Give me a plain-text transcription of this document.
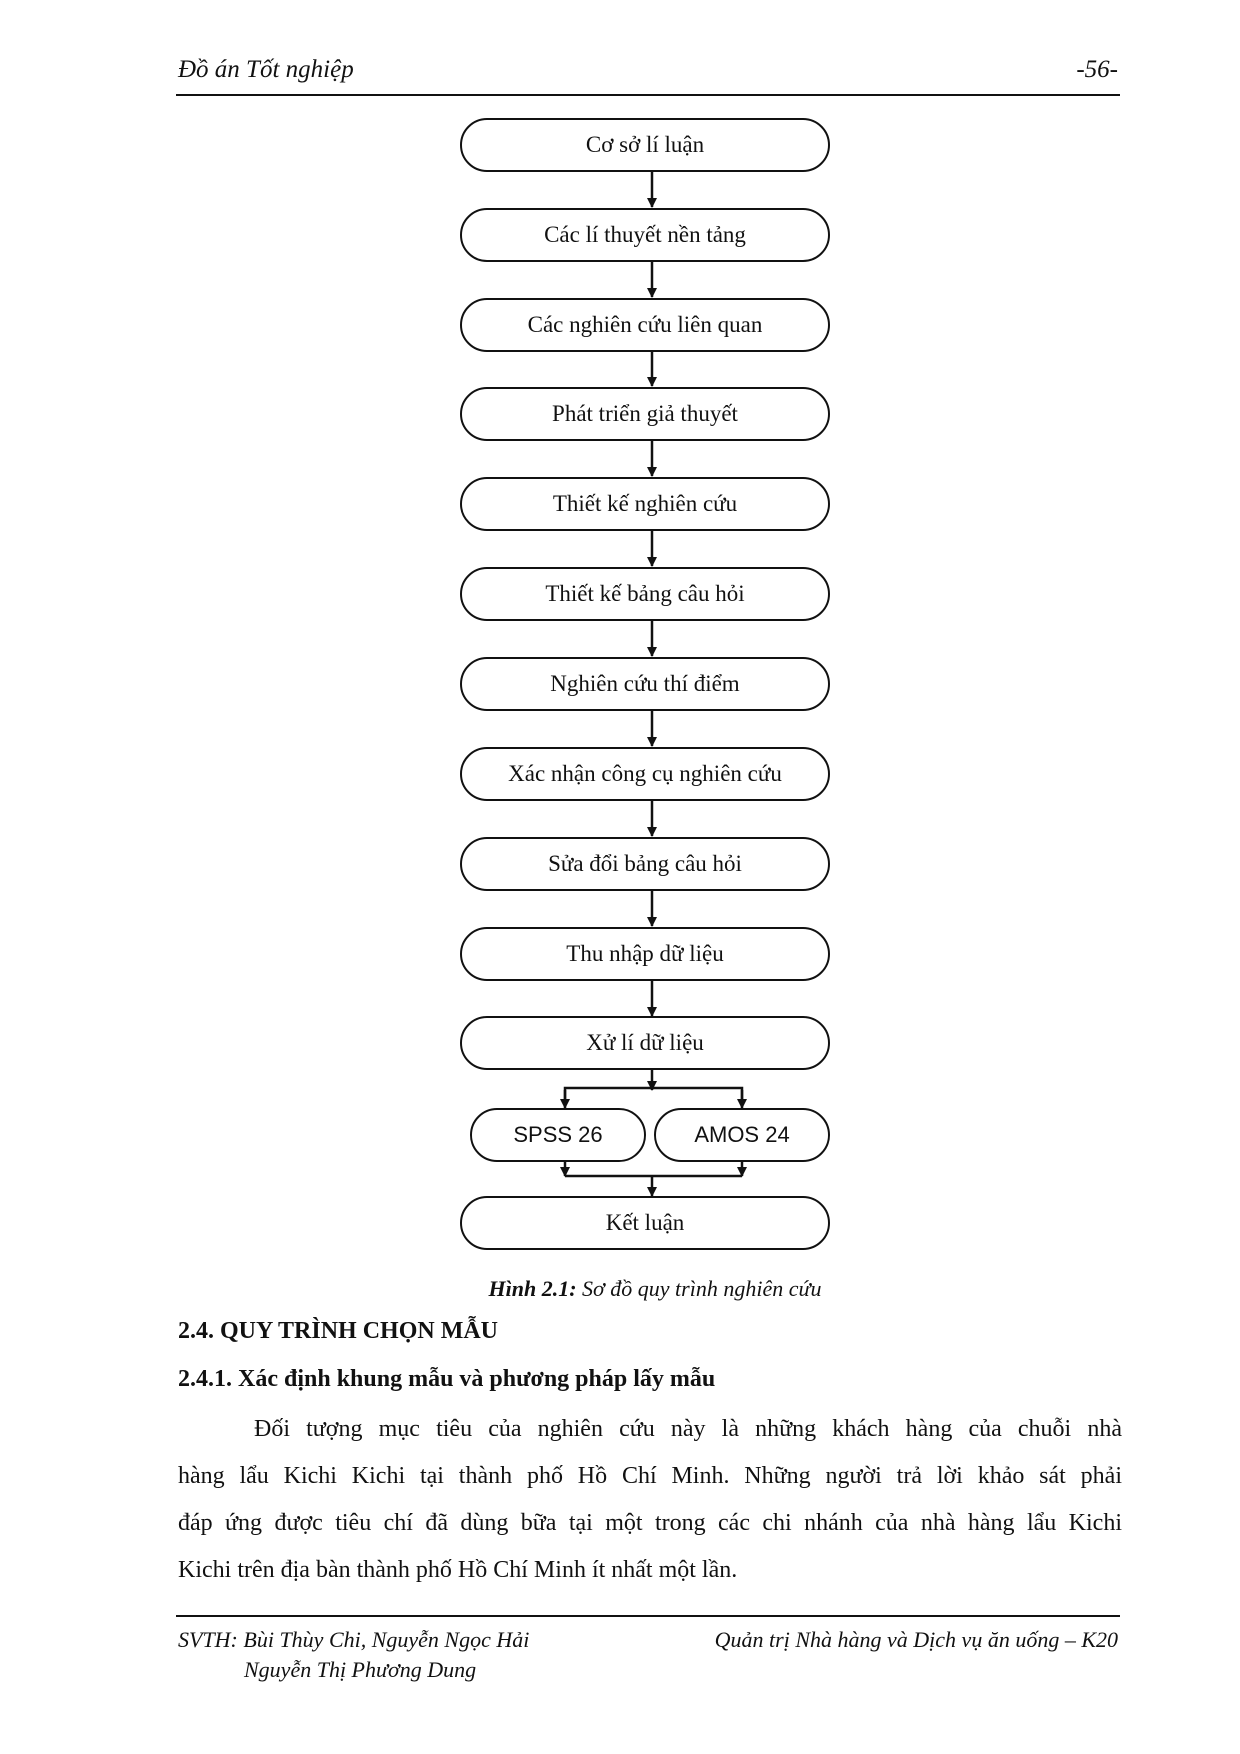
Đồ án Tốt nghiệp	-56-
Cơ sở lí luận
Các lí thuyết nền tảng
Các nghiên cứu liên quan
Phát triển giả thuyết
Thiết kế nghiên cứu
Thiết kế bảng câu hỏi
Nghiên cứu thí điểm
Xác nhận công cụ nghiên cứu
Sửa đổi bảng câu hỏi
Thu nhập dữ liệu
Xử lí dữ liệu
SPSS 26	AMOS 24
Kết luận
Hình 2.1: Sơ đồ quy trình nghiên cứu
2.4. QUY TRÌNH CHỌN MẪU
2.4.1. Xác định khung mẫu và phương pháp lấy mẫu
Đối tượng mục tiêu của nghiên cứu này là những khách hàng của chuỗi nhà
hàng lẩu Kichi Kichi tại thành phố Hồ Chí Minh. Những người trả lời khảo sát phải
đáp ứng được tiêu chí đã dùng bữa tại một trong các chi nhánh của nhà hàng lẩu Kichi
Kichi trên địa bàn thành phố Hồ Chí Minh ít nhất một lần.
SVTH: Bùi Thùy Chi, Nguyễn Ngọc Hải
Nguyễn Thị Phương Dung
Quản trị Nhà hàng và Dịch vụ ăn uống – K20
